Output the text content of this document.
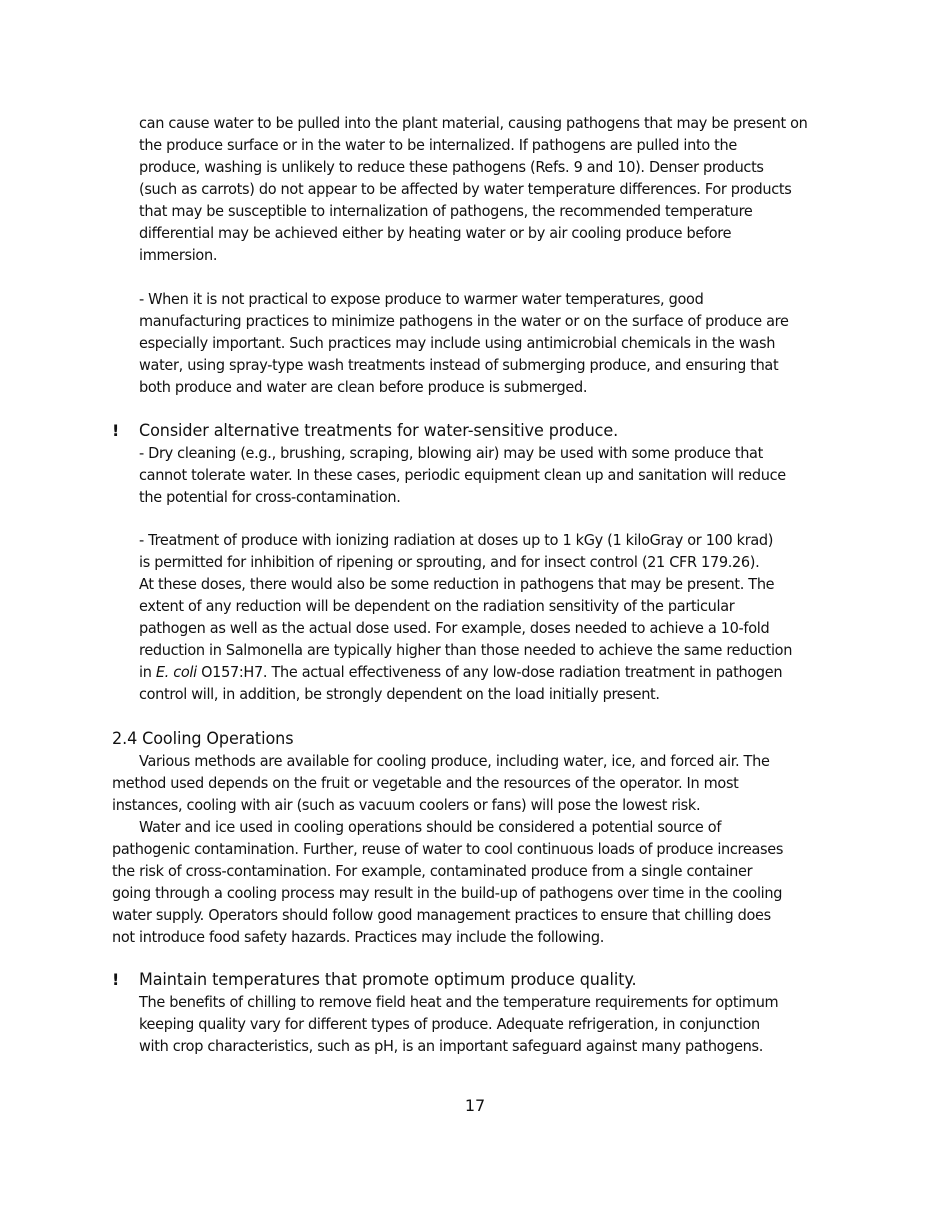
can cause water to be pulled into the plant material, causing pathogens that may be present on
the produce surface or in the water to be internalized. If pathogens are pulled into the
produce, washing is unlikely to reduce these pathogens (Refs. 9 and 10). Denser products
(such as carrots) do not appear to be affected by water temperature differences. For products
that may be susceptible to internalization of pathogens, the recommended temperature
differential may be achieved either by heating water or by air cooling produce before
immersion.
- When it is not practical to expose produce to warmer water temperatures, good
manufacturing practices to minimize pathogens in the water or on the surface of produce are
especially important. Such practices may include using antimicrobial chemicals in the wash
water, using spray-type wash treatments instead of submerging produce, and ensuring that
both produce and water are clean before produce is submerged.
! Consider alternative treatments for water-sensitive produce.
- Dry cleaning (e.g., brushing, scraping, blowing air) may be used with some produce that
cannot tolerate water. In these cases, periodic equipment clean up and sanitation will reduce
the potential for cross-contamination.
- Treatment of produce with ionizing radiation at doses up to 1 kGy (1 kiloGray or 100 krad)
is permitted for inhibition of ripening or sprouting, and for insect control (21 CFR 179.26).
At these doses, there would also be some reduction in pathogens that may be present. The
extent of any reduction will be dependent on the radiation sensitivity of the particular
pathogen as well as the actual dose used. For example, doses needed to achieve a 10-fold
reduction in Salmonella are typically higher than those needed to achieve the same reduction
in E. coli O157:H7. The actual effectiveness of any low-dose radiation treatment in pathogen
control will, in addition, be strongly dependent on the load initially present.
2.4 Cooling Operations
Various methods are available for cooling produce, including water, ice, and forced air. The
method used depends on the fruit or vegetable and the resources of the operator. In most
instances, cooling with air (such as vacuum coolers or fans) will pose the lowest risk.
Water and ice used in cooling operations should be considered a potential source of
pathogenic contamination. Further, reuse of water to cool continuous loads of produce increases
the risk of cross-contamination. For example, contaminated produce from a single container
going through a cooling process may result in the build-up of pathogens over time in the cooling
water supply. Operators should follow good management practices to ensure that chilling does
not introduce food safety hazards. Practices may include the following.
! Maintain temperatures that promote optimum produce quality.
The benefits of chilling to remove field heat and the temperature requirements for optimum
keeping quality vary for different types of produce. Adequate refrigeration, in conjunction
with crop characteristics, such as pH, is an important safeguard against many pathogens.
17
